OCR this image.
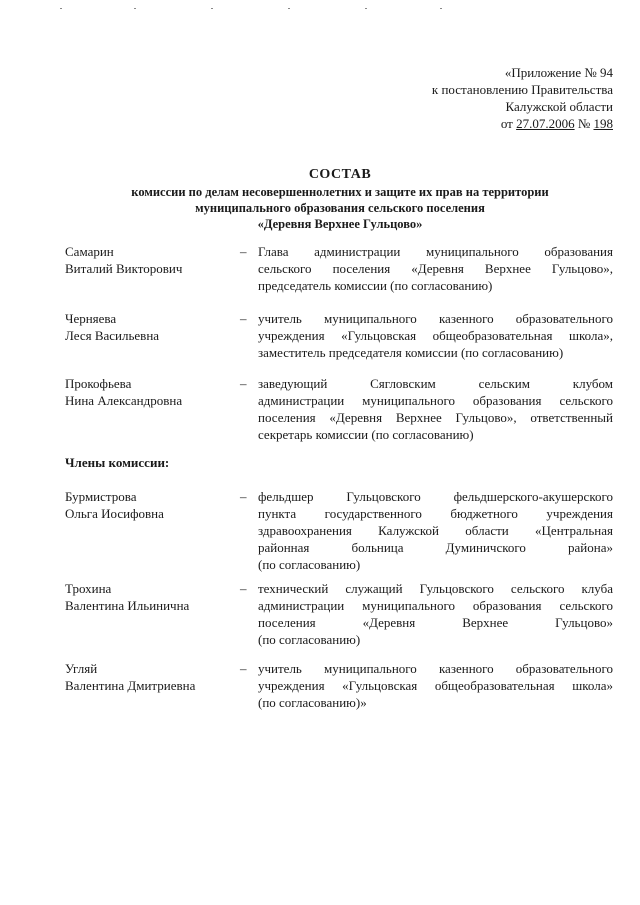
«Приложение № 94
к постановлению Правительства
Калужской области
от 27.07.2006 № 198
СОСТАВ
комиссии по делам несовершеннолетних и защите их прав на территории
муниципального образования сельского поселения
«Деревня Верхнее Гульцово»
Самарин
Виталий Викторович
– Глава администрации муниципального образования
сельского поселения «Деревня Верхнее Гульцово»,
председатель комиссии (по согласованию)
Черняева
Леся Васильевна
– учитель муниципального казенного образовательного
учреждения «Гульцовская общеобразовательная школа»,
заместитель председателя комиссии (по согласованию)
Прокофьева
Нина Александровна
– заведующий Сягловским сельским клубом
администрации муниципального образования сельского
поселения «Деревня Верхнее Гульцово», ответственный
секретарь комиссии (по согласованию)
Члены комиссии:
Бурмистрова
Ольга Иосифовна
– фельдшер Гульцовского фельдшерского-акушерского
пункта государственного бюджетного учреждения
здравоохранения Калужской области «Центральная
районная больница Думиничского района»
(по согласованию)
Трохина
Валентина Ильинична
– технический служащий Гульцовского сельского клуба
администрации муниципального образования сельского
поселения «Деревня Верхнее Гульцово»
(по согласованию)
Угляй
Валентина Дмитриевна
– учитель муниципального казенного образовательного
учреждения «Гульцовская общеобразовательная школа»
(по согласованию)»
